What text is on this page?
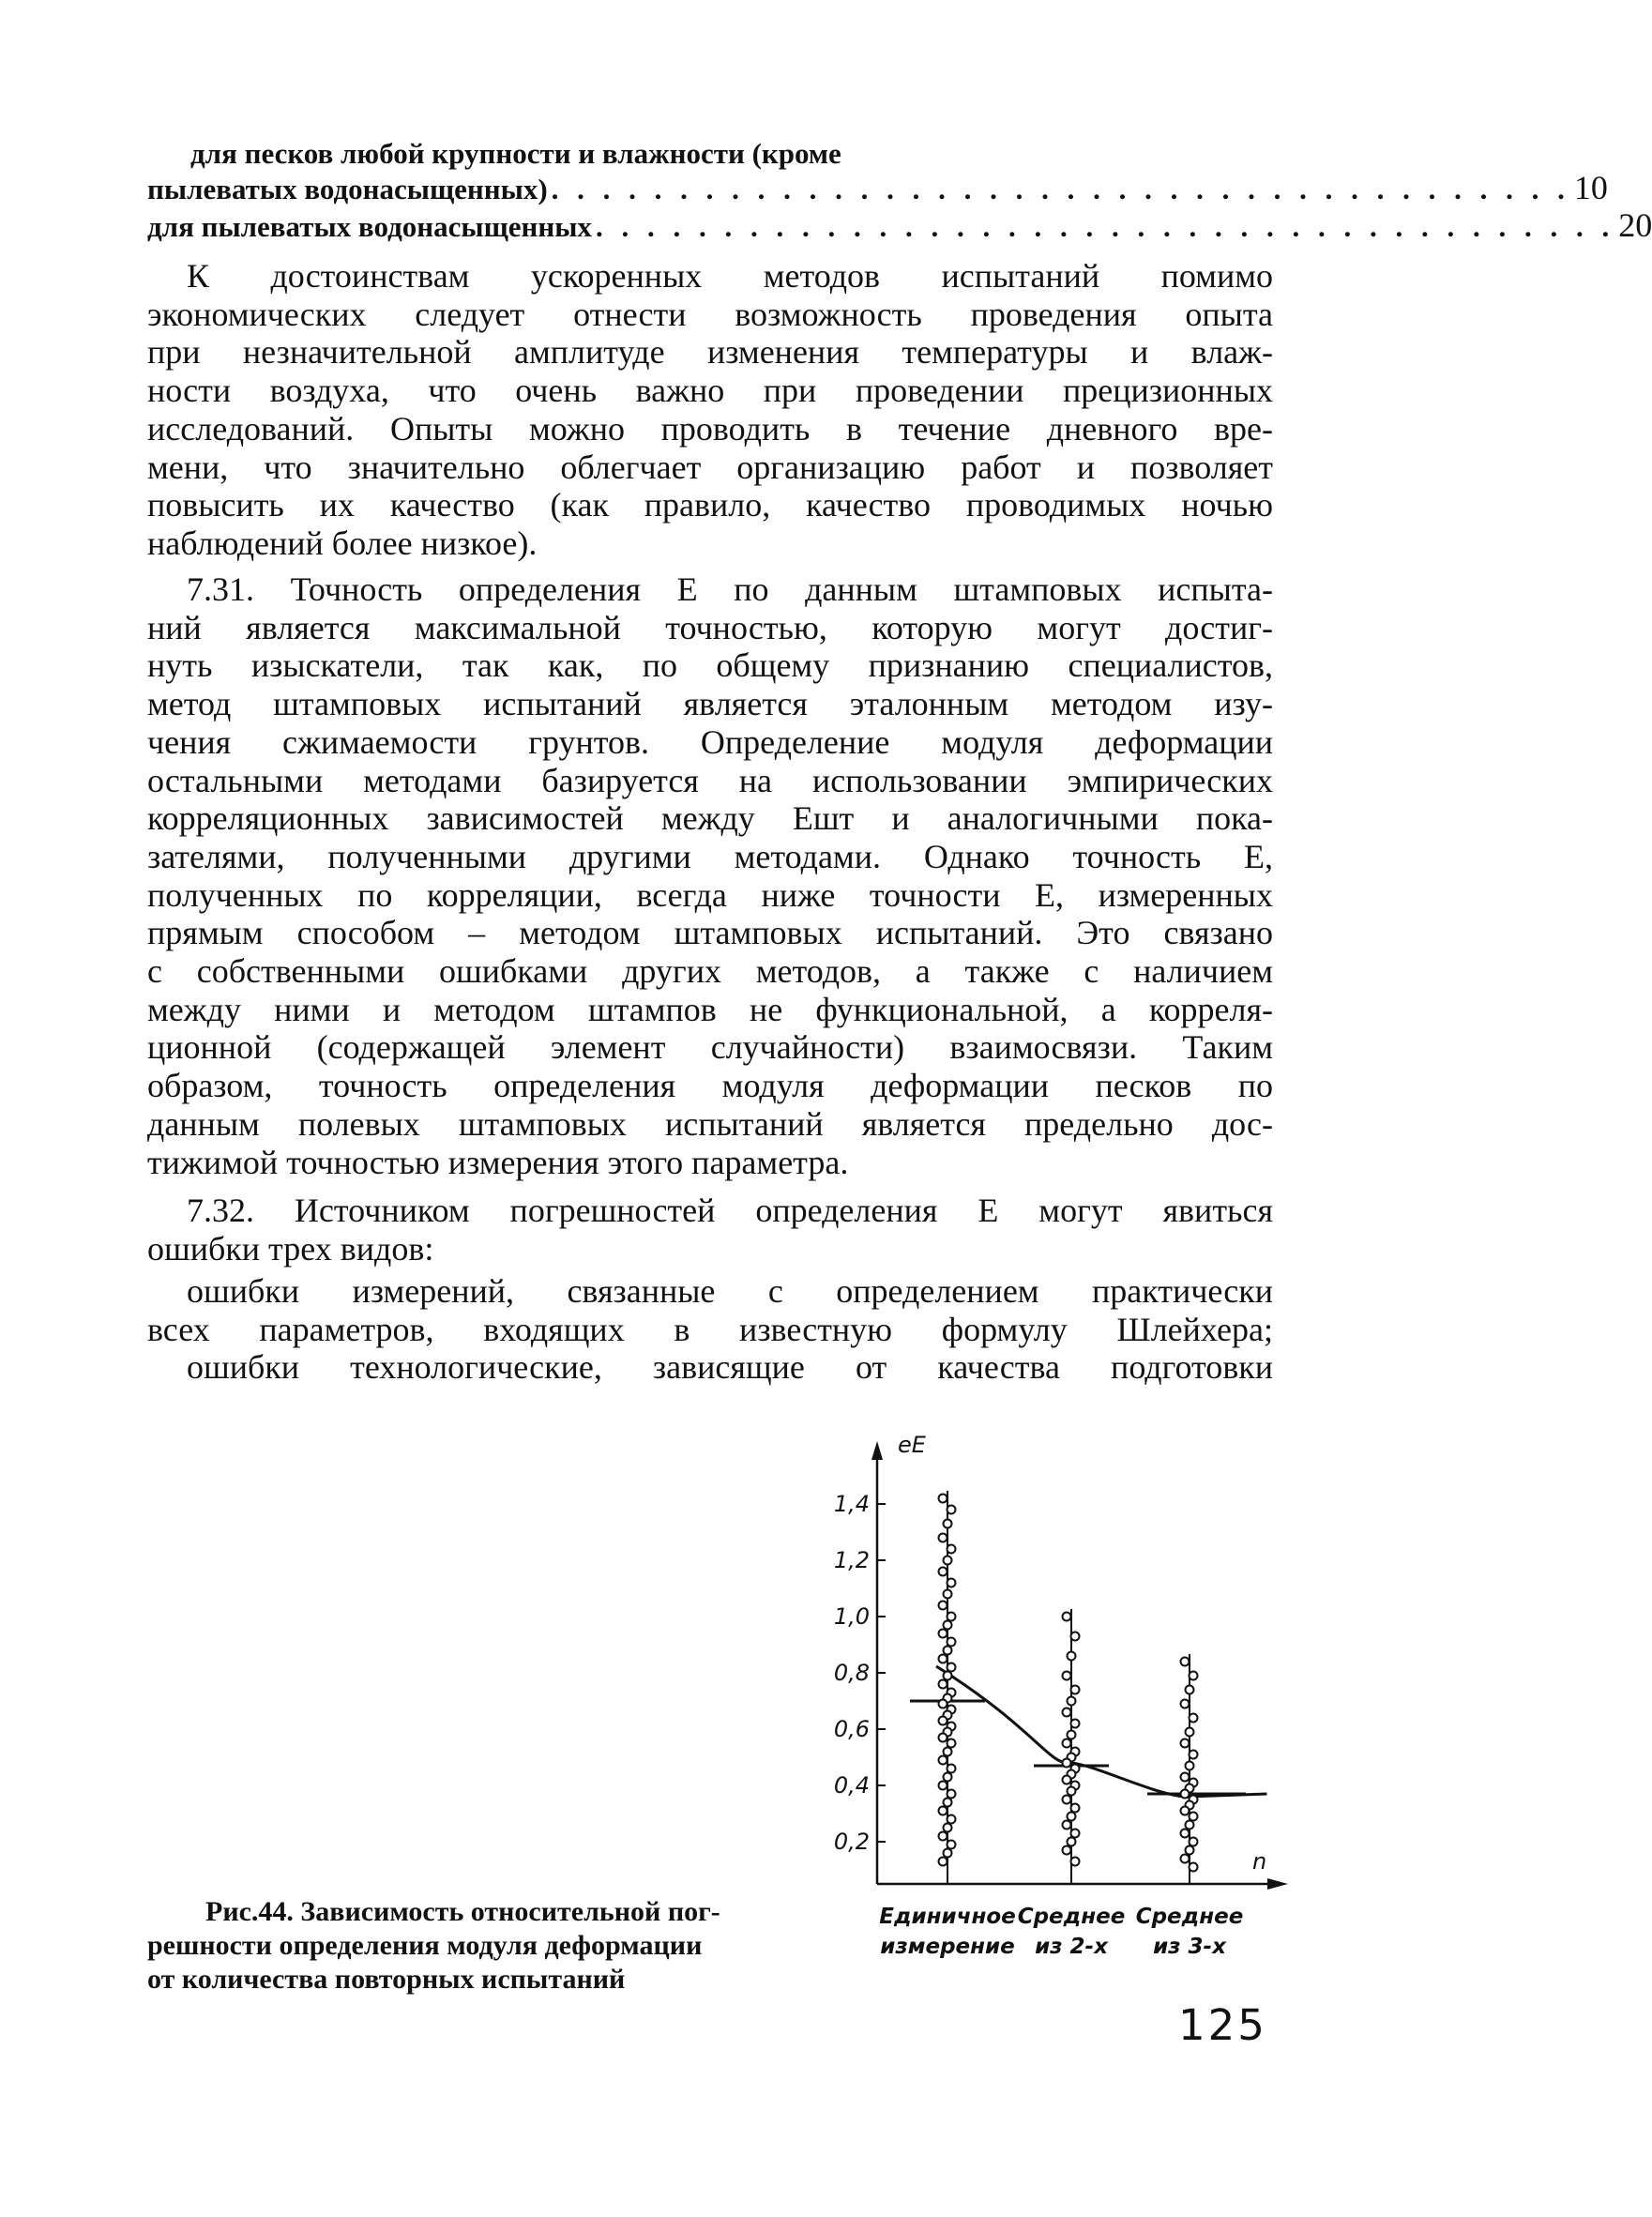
для песков любой крупности и влажности (кроме
пылеватых водонасыщенных) . . . . . . . . . . . . . . . . . . . . . . . . . . . . . . . . . . . . . . . . 10
для пылеватых водонасыщенных . . . . . . . . . . . . . . . . . . . . . . . . . . . . . . . . . . . . . . . . 20
К достоинствам ускоренных методов испытаний помимо
экономических следует отнести возможность проведения опыта
при незначительной амплитуде изменения температуры и влаж-
ности воздуха, что очень важно при проведении прецизионных
исследований. Опыты можно проводить в течение дневного вре-
мени, что значительно облегчает организацию работ и позволяет
повысить их качество (как правило, качество проводимых ночью
наблюдений более низкое).
7.31. Точность определения E по данным штамповых испыта-
ний является максимальной точностью, которую могут достиг-
нуть изыскатели, так как, по общему признанию специалистов,
метод штамповых испытаний является эталонным методом изу-
чения сжимаемости грунтов. Определение модуля деформации
остальными методами базируется на использовании эмпирических
корреляционных зависимостей между Eшт и аналогичными пока-
зателями, полученными другими методами. Однако точность E,
полученных по корреляции, всегда ниже точности E, измеренных
прямым способом – методом штамповых испытаний. Это связано
с собственными ошибками других методов, а также с наличием
между ними и методом штампов не функциональной, а корреля-
ционной (содержащей элемент случайности) взаимосвязи. Таким
образом, точность определения модуля деформации песков по
данным полевых штамповых испытаний является предельно дос-
тижимой точностью измерения этого параметра.
7.32. Источником погрешностей определения E могут явиться
ошибки трех видов:
ошибки измерений, связанные с определением практически
всех параметров, входящих в известную формулу Шлейхера;
ошибки технологические, зависящие от качества подготовки
1,4
1,2
1,0
0,8
0,6
0,4
0,2
eE
n
Единичное Среднее Среднее
измерение из 2-х из 3-х
Рис.44. Зависимость относительной пог-
решности определения модуля деформации
от количества повторных испытаний
125
